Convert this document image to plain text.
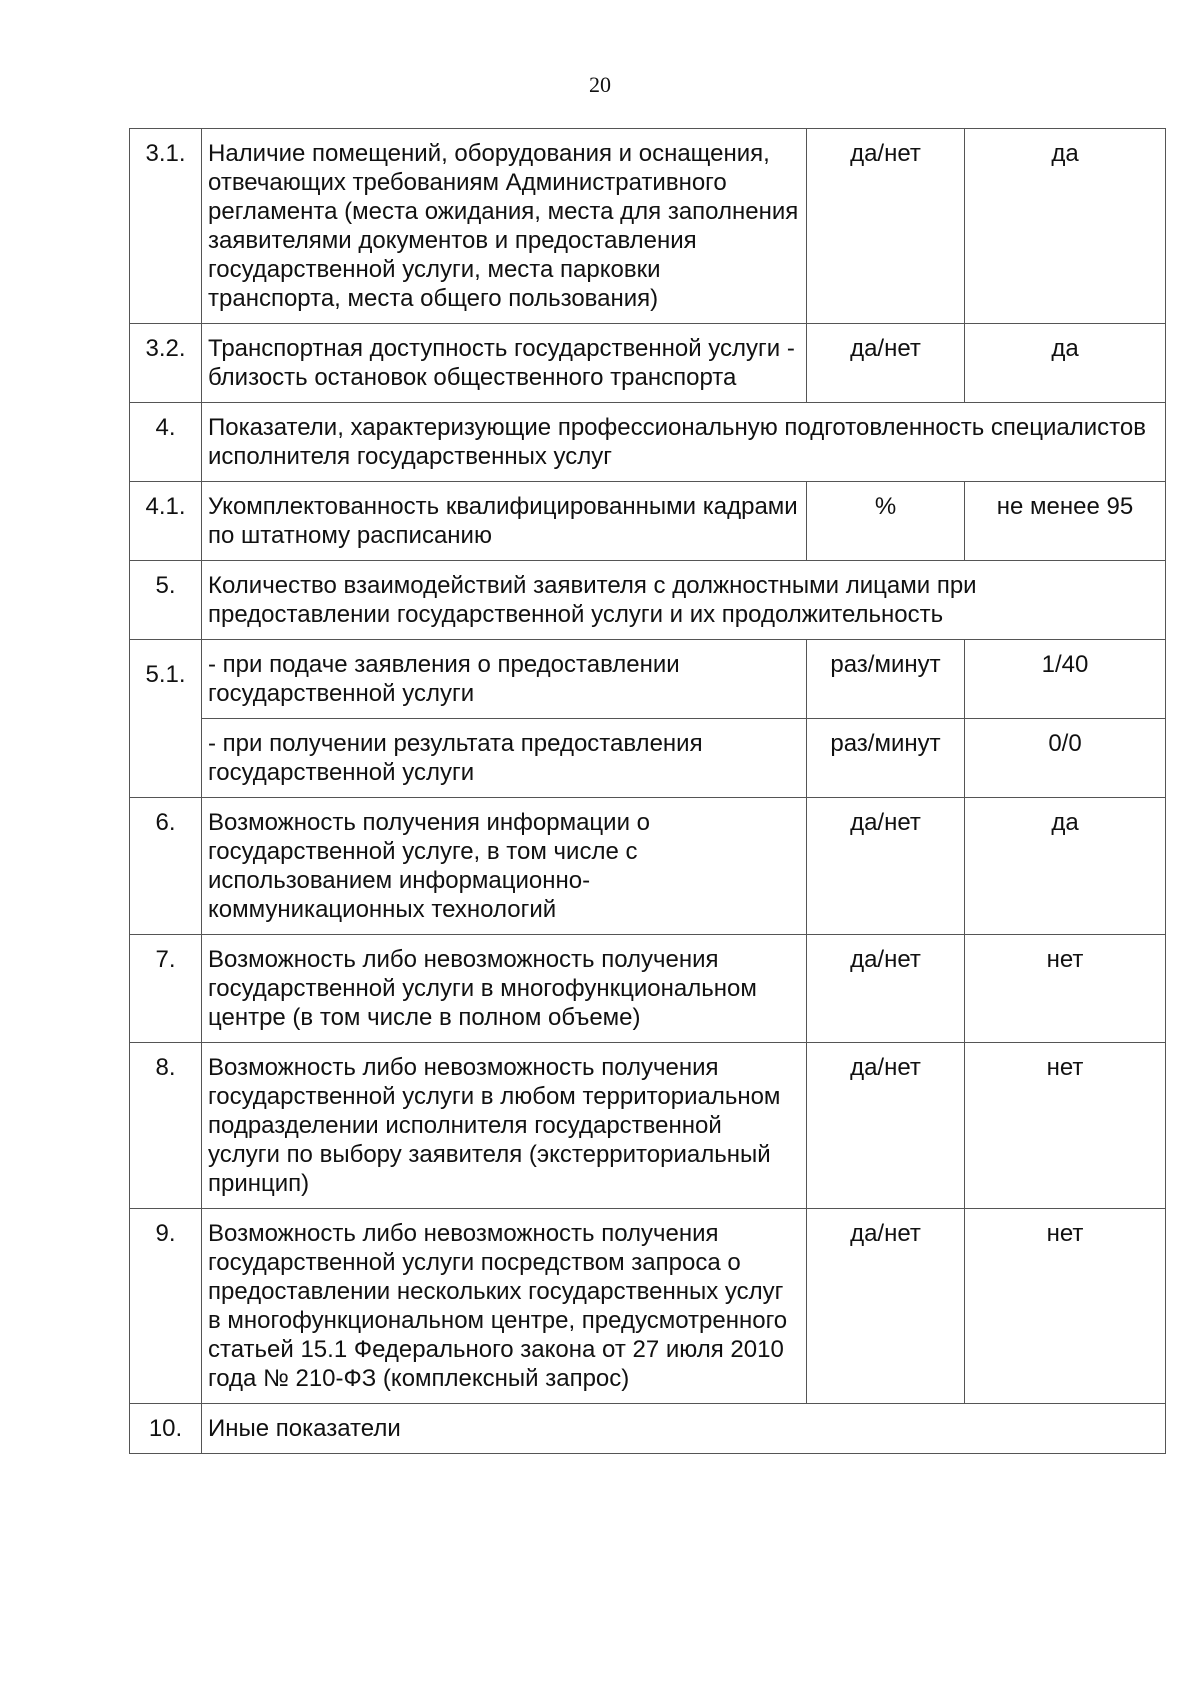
20
3.1.	Наличие помещений, оборудования и оснащения, отвечающих требованиям Административного регламента (места ожидания, места для заполнения заявителями документов и предоставления государственной услуги, места парковки транспорта, места общего пользования)	да/нет	да
3.2.	Транспортная доступность государственной услуги - близость остановок общественного транспорта	да/нет	да
4.	Показатели, характеризующие профессиональную подготовленность специалистов исполнителя государственных услуг		
4.1.	Укомплектованность квалифицированными кадрами по штатному расписанию	%	не менее 95
5.	Количество взаимодействий заявителя с должностными лицами при предоставлении государственной услуги и их продолжительность		
5.1.	- при подаче заявления о предоставлении государственной услуги	раз/минут	1/40
	- при получении результата предоставления государственной услуги	раз/минут	0/0
6.	Возможность получения информации о государственной услуге, в том числе с использованием информационно-коммуникационных технологий	да/нет	да
7.	Возможность либо невозможность получения государственной услуги в многофункциональном центре (в том числе в полном объеме)	да/нет	нет
8.	Возможность либо невозможность получения государственной услуги в любом территориальном подразделении исполнителя государственной услуги по выбору заявителя (экстерриториальный принцип)	да/нет	нет
9.	Возможность либо невозможность получения государственной услуги посредством запроса о предоставлении нескольких государственных услуг в многофункциональном центре, предусмотренного статьей 15.1 Федерального закона от 27 июля 2010 года № 210-ФЗ (комплексный запрос)	да/нет	нет
10.	Иные показатели		
